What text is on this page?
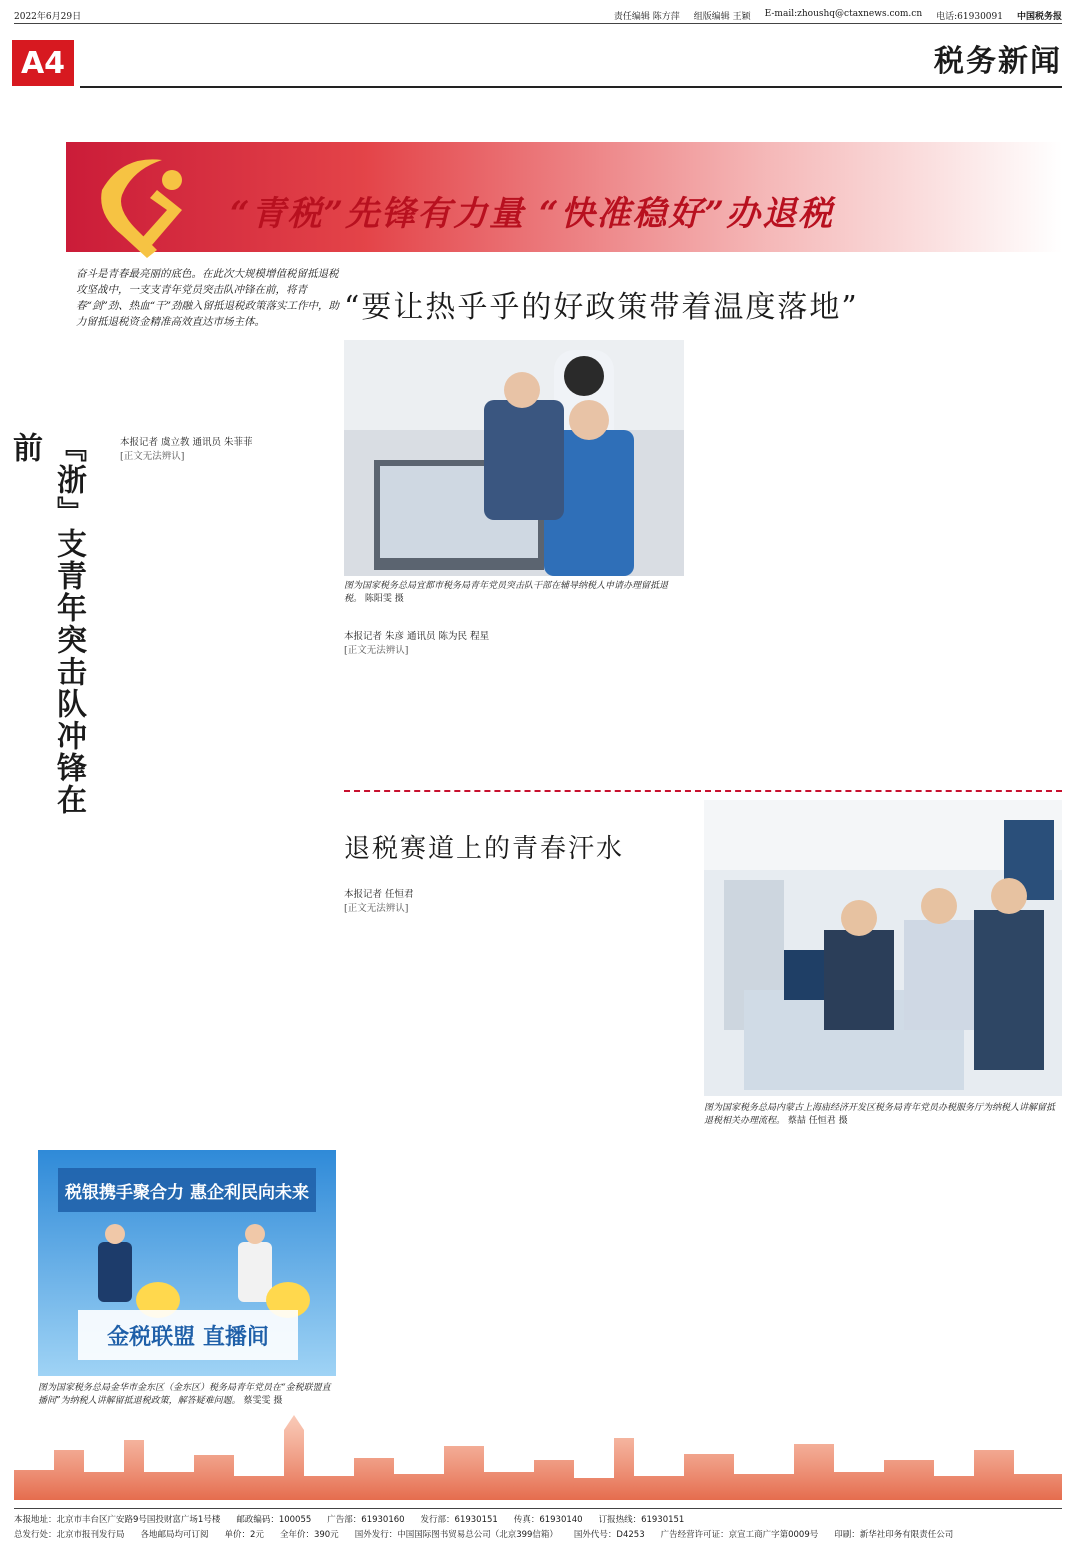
2022年6月29日	责任编辑 陈方萍 组版编辑 王颖 E-mail:zhoushq@ctaxnews.com.cn 电话:61930091 中国税务报
A4	税务新闻
“青税”先锋有力量 “快准稳好”办退税
奋斗是青春最亮丽的底色。在此次大规模增值税留抵退税攻坚战中，一支支青年党员突击队冲锋在前，将青春“剑”劲、热血“干”劲融入留抵退税政策落实工作中，助力留抵退税资金精准高效直达市场主体。
『浙』支青年突击队冲锋在前	本报记者 虞立教 通讯员 朱菲菲
[正文无法辨认]
税银携手聚合力 惠企利民向未来
金税联盟 直播间
图为国家税务总局金华市金东区（金东区）税务局青年党员在“金税联盟直播间”为纳税人讲解留抵退税政策，解答疑难问题。 蔡雯雯 摄
“要让热乎乎的好政策带着温度落地”
图为国家税务总局宜都市税务局青年党员突击队干部在辅导纳税人申请办理留抵退税。 陈阳雯 摄
本报记者 朱彦 通讯员 陈为民 程星
[正文无法辨认]
退税赛道上的青春汗水
本报记者 任恒君
[正文无法辨认]
图为国家税务总局内蒙古上海庙经济开发区税务局青年党员办税服务厅为纳税人讲解留抵退税相关办理流程。 蔡喆 任恒君 摄
本报地址：北京市丰台区广安路9号国投财富广场1号楼 邮政编码：100055 广告部：61930160 发行部：61930151 传真：61930140 订报热线：61930151
总发行处：北京市报刊发行局 各地邮局均可订阅 单价：2元 全年价：390元 国外发行：中国国际图书贸易总公司（北京399信箱） 国外代号：D4253 广告经营许可证：京宣工商广字第0009号 印刷：新华社印务有限责任公司
